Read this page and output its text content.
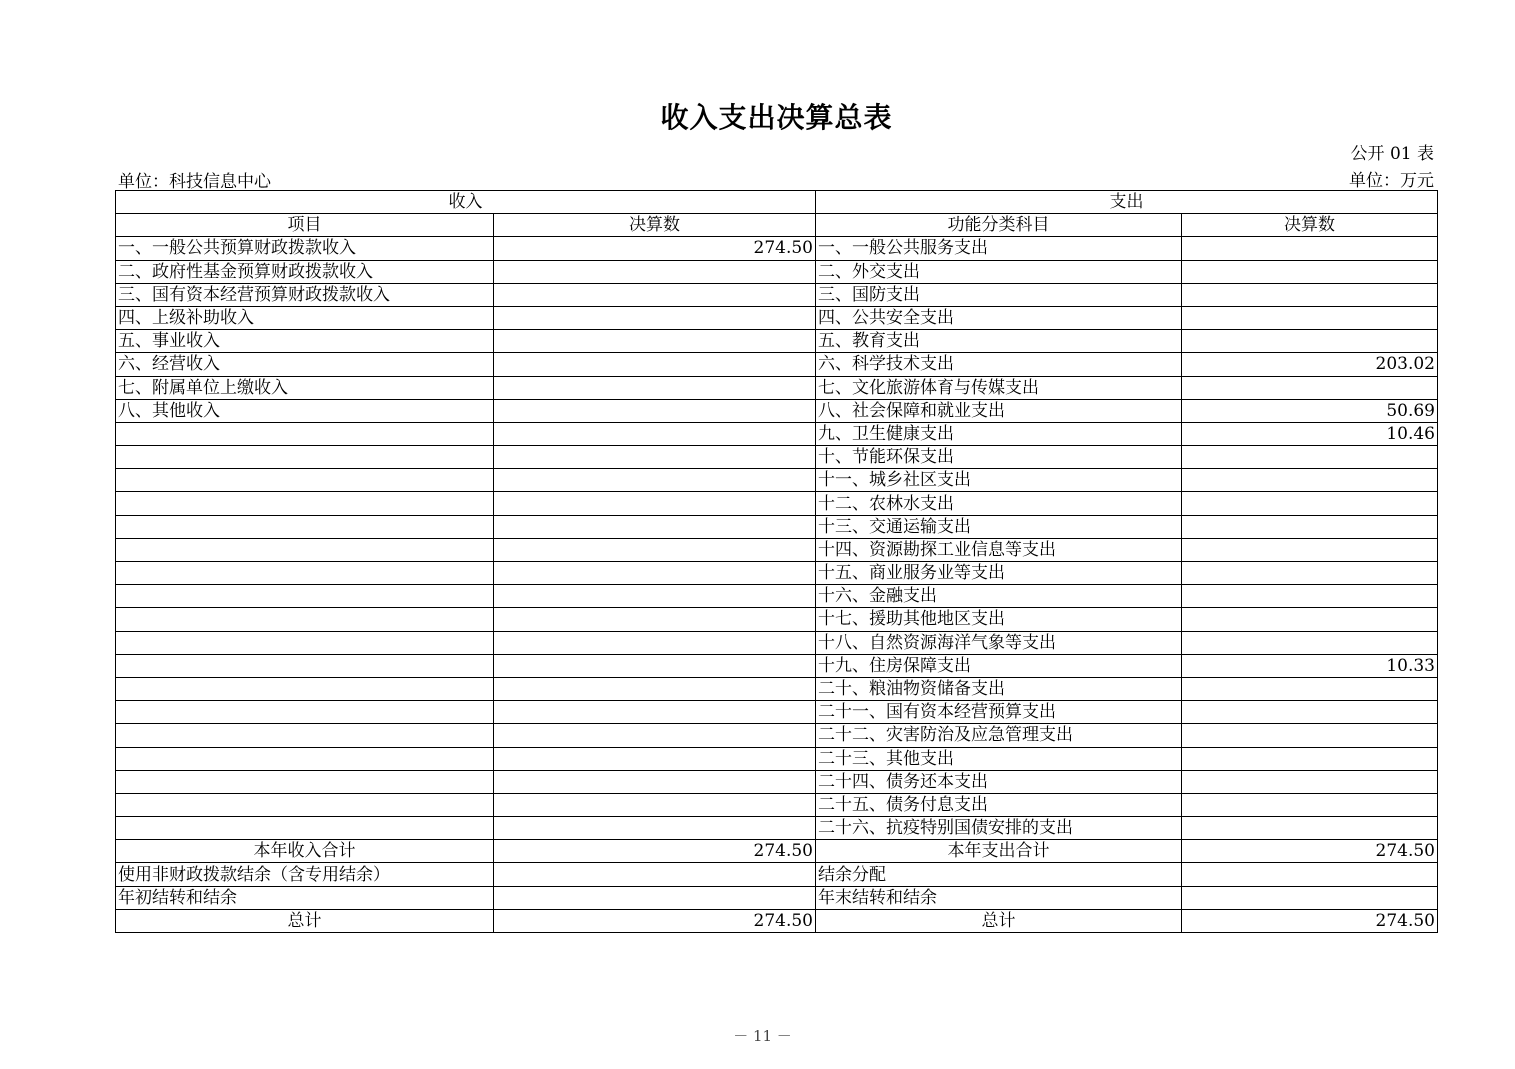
收入支出决算总表
公开 01 表
单位：科技信息中心	单位：万元
收入		支出	
项目	决算数	功能分类科目	决算数
一、一般公共预算财政拨款收入	274.50	一、一般公共服务支出	
二、政府性基金预算财政拨款收入		二、外交支出	
三、国有资本经营预算财政拨款收入		三、国防支出	
四、上级补助收入		四、公共安全支出	
五、事业收入		五、教育支出	
六、经营收入		六、科学技术支出	203.02
七、附属单位上缴收入		七、文化旅游体育与传媒支出	
八、其他收入		八、社会保障和就业支出	50.69
		九、卫生健康支出	10.46
		十、节能环保支出	
		十一、城乡社区支出	
		十二、农林水支出	
		十三、交通运输支出	
		十四、资源勘探工业信息等支出	
		十五、商业服务业等支出	
		十六、金融支出	
		十七、援助其他地区支出	
		十八、自然资源海洋气象等支出	
		十九、住房保障支出	10.33
		二十、粮油物资储备支出	
		二十一、国有资本经营预算支出	
		二十二、灾害防治及应急管理支出	
		二十三、其他支出	
		二十四、债务还本支出	
		二十五、债务付息支出	
		二十六、抗疫特别国债安排的支出	
本年收入合计	274.50	本年支出合计	274.50
使用非财政拨款结余（含专用结余）		结余分配	
年初结转和结余		年末结转和结余	
总计	274.50	总计	274.50
－ 11 －
